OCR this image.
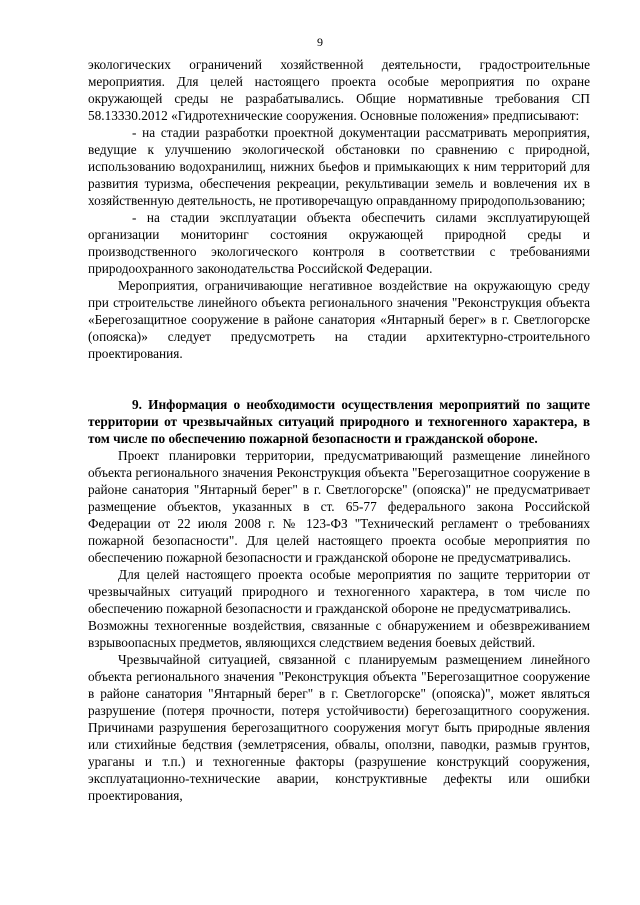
9

экологических ограничений хозяйственной деятельности, градостроительные мероприятия. Для целей настоящего проекта особые мероприятия по охране окружающей среды не разрабатывались. Общие нормативные требования СП 58.13330.2012 «Гидротехнические сооружения. Основные положения» предписывают:

- на стадии разработки проектной документации рассматривать мероприятия, ведущие к улучшению экологической обстановки по сравнению с природной, использованию водохранилищ, нижних бьефов и примыкающих к ним территорий для развития туризма, обеспечения рекреации, рекультивации земель и вовлечения их в хозяйственную деятельность, не противоречащую оправданному природопользованию;

- на стадии эксплуатации объекта обеспечить силами эксплуатирующей организации мониторинг состояния окружающей природной среды и производственного экологического контроля в соответствии с требованиями природоохранного законодательства Российской Федерации.

Мероприятия, ограничивающие негативное воздействие на окружающую среду при строительстве линейного объекта регионального значения "Реконструкция объекта «Берегозащитное сооружение в районе санатория «Янтарный берег» в г. Светлогорске (опояска)» следует предусмотреть на стадии архитектурно-строительного проектирования.

9. Информация о необходимости осуществления мероприятий по защите территории от чрезвычайных ситуаций природного и техногенного характера, в том числе по обеспечению пожарной безопасности и гражданской обороне.

Проект планировки территории, предусматривающий размещение линейного объекта регионального значения Реконструкция объекта "Берегозащитное сооружение в районе санатория "Янтарный берег" в г. Светлогорске" (опояска)" не предусматривает размещение объектов, указанных в ст. 65-77 федерального закона Российской Федерации от 22 июля 2008 г. № 123-ФЗ "Технический регламент о требованиях пожарной безопасности". Для целей настоящего проекта особые мероприятия по обеспечению пожарной безопасности и гражданской обороне не предусматривались.

Для целей настоящего проекта особые мероприятия по защите территории от чрезвычайных ситуаций природного и техногенного характера, в том числе по обеспечению пожарной безопасности и гражданской обороне не предусматривались.

Возможны техногенные воздействия, связанные с обнаружением и обезвреживанием взрывоопасных предметов, являющихся следствием ведения боевых действий.

Чрезвычайной ситуацией, связанной с планируемым размещением линейного объекта регионального значения "Реконструкция объекта "Берегозащитное сооружение в районе санатория "Янтарный берег" в г. Светлогорске" (опояска)", может являться разрушение (потеря прочности, потеря устойчивости) берегозащитного сооружения. Причинами разрушения берегозащитного сооружения могут быть природные явления или стихийные бедствия (землетрясения, обвалы, оползни, паводки, размыв грунтов, ураганы и т.п.) и техногенные факторы (разрушение конструкций сооружения, эксплуатационно-технические аварии, конструктивные дефекты или ошибки проектирования,
